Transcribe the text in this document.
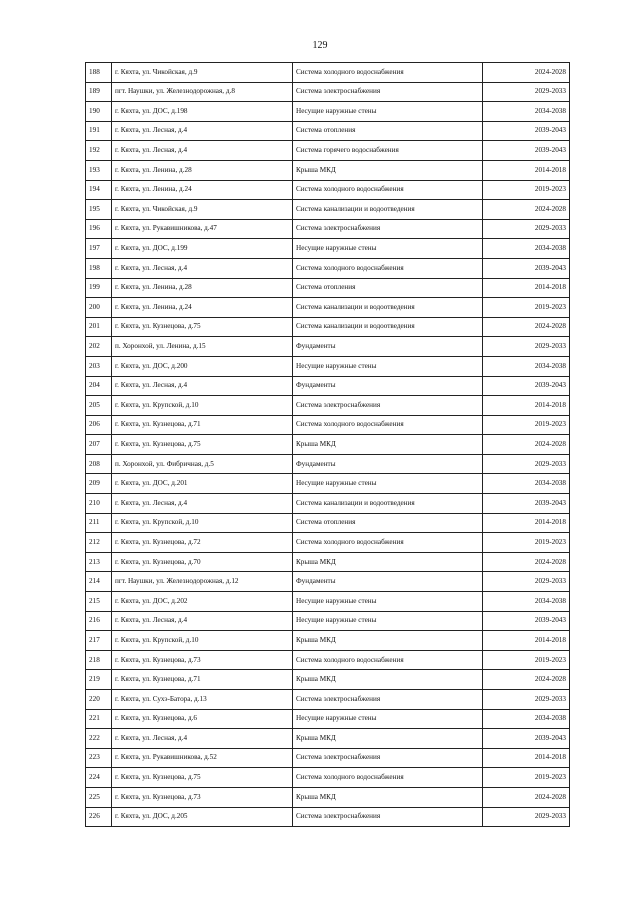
129
188	г. Кяхта, ул. Чикойская, д.9	Система холодного водоснабжения	2024-2028
189	пгт. Наушки, ул. Железнодорожная, д.8	Система электроснабжения	2029-2033
190	г. Кяхта, ул. ДОС, д.198	Несущие наружные стены	2034-2038
191	г. Кяхта, ул. Лесная, д.4	Система отопления	2039-2043
192	г. Кяхта, ул. Лесная, д.4	Система горячего водоснабжения	2039-2043
193	г. Кяхта, ул. Ленина, д.28	Крыша МКД	2014-2018
194	г. Кяхта, ул. Ленина, д.24	Система холодного водоснабжения	2019-2023
195	г. Кяхта, ул. Чикойская, д.9	Система канализации и водоотведения	2024-2028
196	г. Кяхта, ул. Рукавишникова, д.47	Система электроснабжения	2029-2033
197	г. Кяхта, ул. ДОС, д.199	Несущие наружные стены	2034-2038
198	г. Кяхта, ул. Лесная, д.4	Система холодного водоснабжения	2039-2043
199	г. Кяхта, ул. Ленина, д.28	Система отопления	2014-2018
200	г. Кяхта, ул. Ленина, д.24	Система канализации и водоотведения	2019-2023
201	г. Кяхта, ул. Кузнецова, д.75	Система канализации и водоотведения	2024-2028
202	п. Хоронхой, ул. Ленина, д.15	Фундаменты	2029-2033
203	г. Кяхта, ул. ДОС, д.200	Несущие наружные стены	2034-2038
204	г. Кяхта, ул. Лесная, д.4	Фундаменты	2039-2043
205	г. Кяхта, ул. Крупской, д.10	Система электроснабжения	2014-2018
206	г. Кяхта, ул. Кузнецова, д.71	Система холодного водоснабжения	2019-2023
207	г. Кяхта, ул. Кузнецова, д.75	Крыша МКД	2024-2028
208	п. Хоронхой, ул. Фибричная, д.5	Фундаменты	2029-2033
209	г. Кяхта, ул. ДОС, д.201	Несущие наружные стены	2034-2038
210	г. Кяхта, ул. Лесная, д.4	Система канализации и водоотведения	2039-2043
211	г. Кяхта, ул. Крупской, д.10	Система отопления	2014-2018
212	г. Кяхта, ул. Кузнецова, д.72	Система холодного водоснабжения	2019-2023
213	г. Кяхта, ул. Кузнецова, д.70	Крыша МКД	2024-2028
214	пгт. Наушки, ул. Железнодорожная, д.12	Фундаменты	2029-2033
215	г. Кяхта, ул. ДОС, д.202	Несущие наружные стены	2034-2038
216	г. Кяхта, ул. Лесная, д.4	Несущие наружные стены	2039-2043
217	г. Кяхта, ул. Крупской, д.10	Крыша МКД	2014-2018
218	г. Кяхта, ул. Кузнецова, д.73	Система холодного водоснабжения	2019-2023
219	г. Кяхта, ул. Кузнецова, д.71	Крыша МКД	2024-2028
220	г. Кяхта, ул. Сухэ-Батора, д.13	Система электроснабжения	2029-2033
221	г. Кяхта, ул. Кузнецова, д.6	Несущие наружные стены	2034-2038
222	г. Кяхта, ул. Лесная, д.4	Крыша МКД	2039-2043
223	г. Кяхта, ул. Рукавишникова, д.52	Система электроснабжения	2014-2018
224	г. Кяхта, ул. Кузнецова, д.75	Система холодного водоснабжения	2019-2023
225	г. Кяхта, ул. Кузнецова, д.73	Крыша МКД	2024-2028
226	г. Кяхта, ул. ДОС, д.205	Система электроснабжения	2029-2033
